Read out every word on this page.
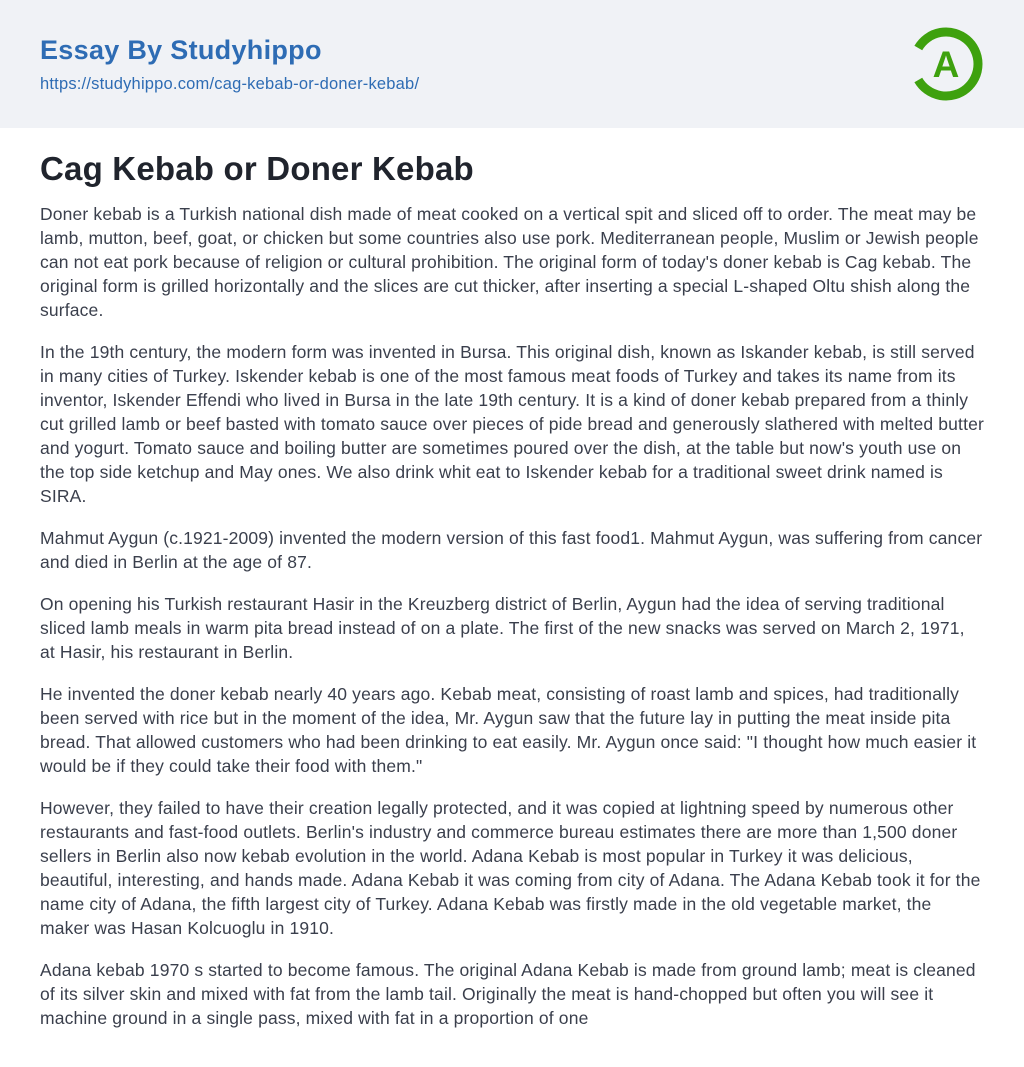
Essay By Studyhippo
https://studyhippo.com/cag-kebab-or-doner-kebab/	A
Cag Kebab or Doner Kebab

Doner kebab is a Turkish national dish made of meat cooked on a vertical spit and sliced off to order. The meat may be lamb, mutton, beef, goat, or chicken but some countries also use pork. Mediterranean people, Muslim or Jewish people can not eat pork because of religion or cultural prohibition. The original form of today's doner kebab is Cag kebab. The original form is grilled horizontally and the slices are cut thicker, after inserting a special L-shaped Oltu shish along the surface.

In the 19th century, the modern form was invented in Bursa. This original dish, known as Iskander kebab, is still served in many cities of Turkey. Iskender kebab is one of the most famous meat foods of Turkey and takes its name from its inventor, Iskender Effendi who lived in Bursa in the late 19th century. It is a kind of doner kebab prepared from a thinly cut grilled lamb or beef basted with tomato sauce over pieces of pide bread and generously slathered with melted butter and yogurt. Tomato sauce and boiling butter are sometimes poured over the dish, at the table but now's youth use on the top side ketchup and May ones. We also drink whit eat to Iskender kebab for a traditional sweet drink named is SIRA.

Mahmut Aygun (c.1921-2009) invented the modern version of this fast food1. Mahmut Aygun, was suffering from cancer and died in Berlin at the age of 87.

On opening his Turkish restaurant Hasir in the Kreuzberg district of Berlin, Aygun had the idea of serving traditional sliced lamb meals in warm pita bread instead of on a plate. The first of the new snacks was served on March 2, 1971, at Hasir, his restaurant in Berlin.

He invented the doner kebab nearly 40 years ago. Kebab meat, consisting of roast lamb and spices, had traditionally been served with rice but in the moment of the idea, Mr. Aygun saw that the future lay in putting the meat inside pita bread. That allowed customers who had been drinking to eat easily. Mr. Aygun once said: "I thought how much easier it would be if they could take their food with them."

However, they failed to have their creation legally protected, and it was copied at lightning speed by numerous other restaurants and fast-food outlets. Berlin's industry and commerce bureau estimates there are more than 1,500 doner sellers in Berlin also now kebab evolution in the world. Adana Kebab is most popular in Turkey it was delicious, beautiful, interesting, and hands made. Adana Kebab it was coming from city of Adana. The Adana Kebab took it for the name city of Adana, the fifth largest city of Turkey. Adana Kebab was firstly made in the old vegetable market, the maker was Hasan Kolcuoglu in 1910.

Adana kebab 1970 s started to become famous. The original Adana Kebab is made from ground lamb; meat is cleaned of its silver skin and mixed with fat from the lamb tail. Originally the meat is hand-chopped but often you will see it machine ground in a single pass, mixed with fat in a proportion of one
